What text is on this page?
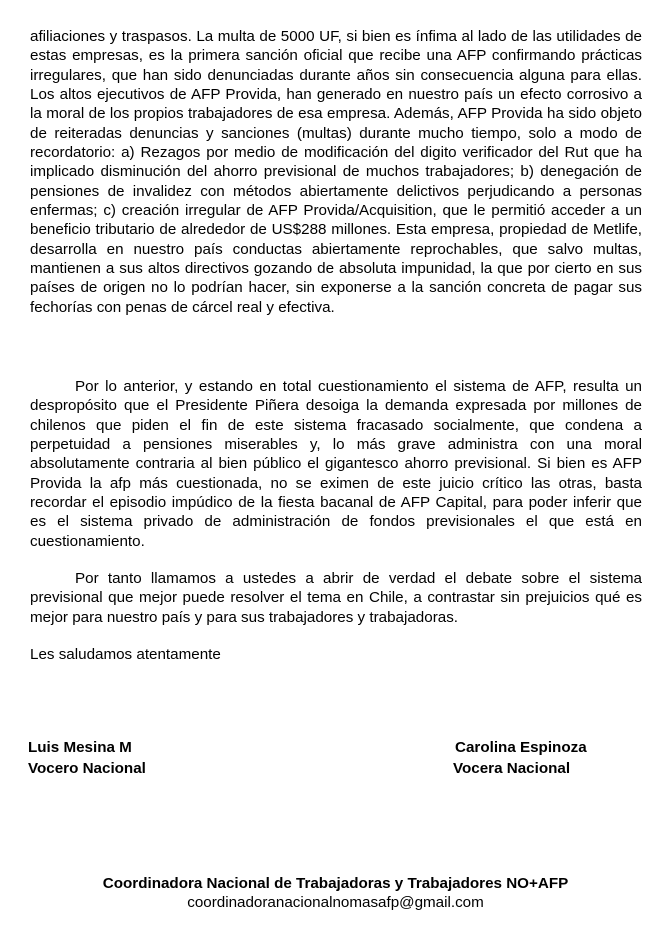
afiliaciones y traspasos. La multa de 5000 UF, si bien es ínfima al lado de las utilidades de estas empresas, es la primera sanción oficial que recibe una AFP confirmando prácticas irregulares, que han sido denunciadas durante años sin consecuencia alguna para ellas. Los altos ejecutivos de AFP Provida, han generado en nuestro país un efecto corrosivo a la moral de los propios trabajadores de esa empresa. Además, AFP Provida ha sido objeto de reiteradas denuncias y sanciones (multas) durante mucho tiempo, solo a modo de recordatorio: a) Rezagos por medio de modificación del digito verificador del Rut que ha implicado disminución del ahorro previsional de muchos trabajadores; b) denegación de pensiones de invalidez con métodos abiertamente delictivos perjudicando a personas enfermas; c) creación irregular de AFP Provida/Acquisition, que le permitió acceder a un beneficio tributario de alrededor de US$288 millones. Esta empresa, propiedad de Metlife, desarrolla en nuestro país conductas abiertamente reprochables, que salvo multas, mantienen a sus altos directivos gozando de absoluta impunidad, la que por cierto en sus países de origen no lo podrían hacer, sin exponerse a la sanción concreta de pagar sus fechorías con penas de cárcel real y efectiva.

Por lo anterior, y estando en total cuestionamiento el sistema de AFP, resulta un despropósito que el Presidente Piñera desoiga la demanda expresada por millones de chilenos que piden el fin de este sistema fracasado socialmente, que condena a perpetuidad a pensiones miserables y, lo más grave administra con una moral absolutamente contraria al bien público el gigantesco ahorro previsional. Si bien es AFP Provida la afp más cuestionada, no se eximen de este juicio crítico las otras, basta recordar el episodio impúdico de la fiesta bacanal de AFP Capital, para poder inferir que es el sistema privado de administración de fondos previsionales el que está en cuestionamiento.

Por tanto llamamos a ustedes a abrir de verdad el debate sobre el sistema previsional que mejor puede resolver el tema en Chile, a contrastar sin prejuicios qué es mejor para nuestro país y para sus trabajadores y trabajadoras.

Les saludamos atentamente

Luis Mesina M
Vocero Nacional
Carolina Espinoza
Vocera Nacional
Coordinadora Nacional de Trabajadoras y Trabajadores NO+AFP
coordinadoranacionalnomasafp@gmail.com
